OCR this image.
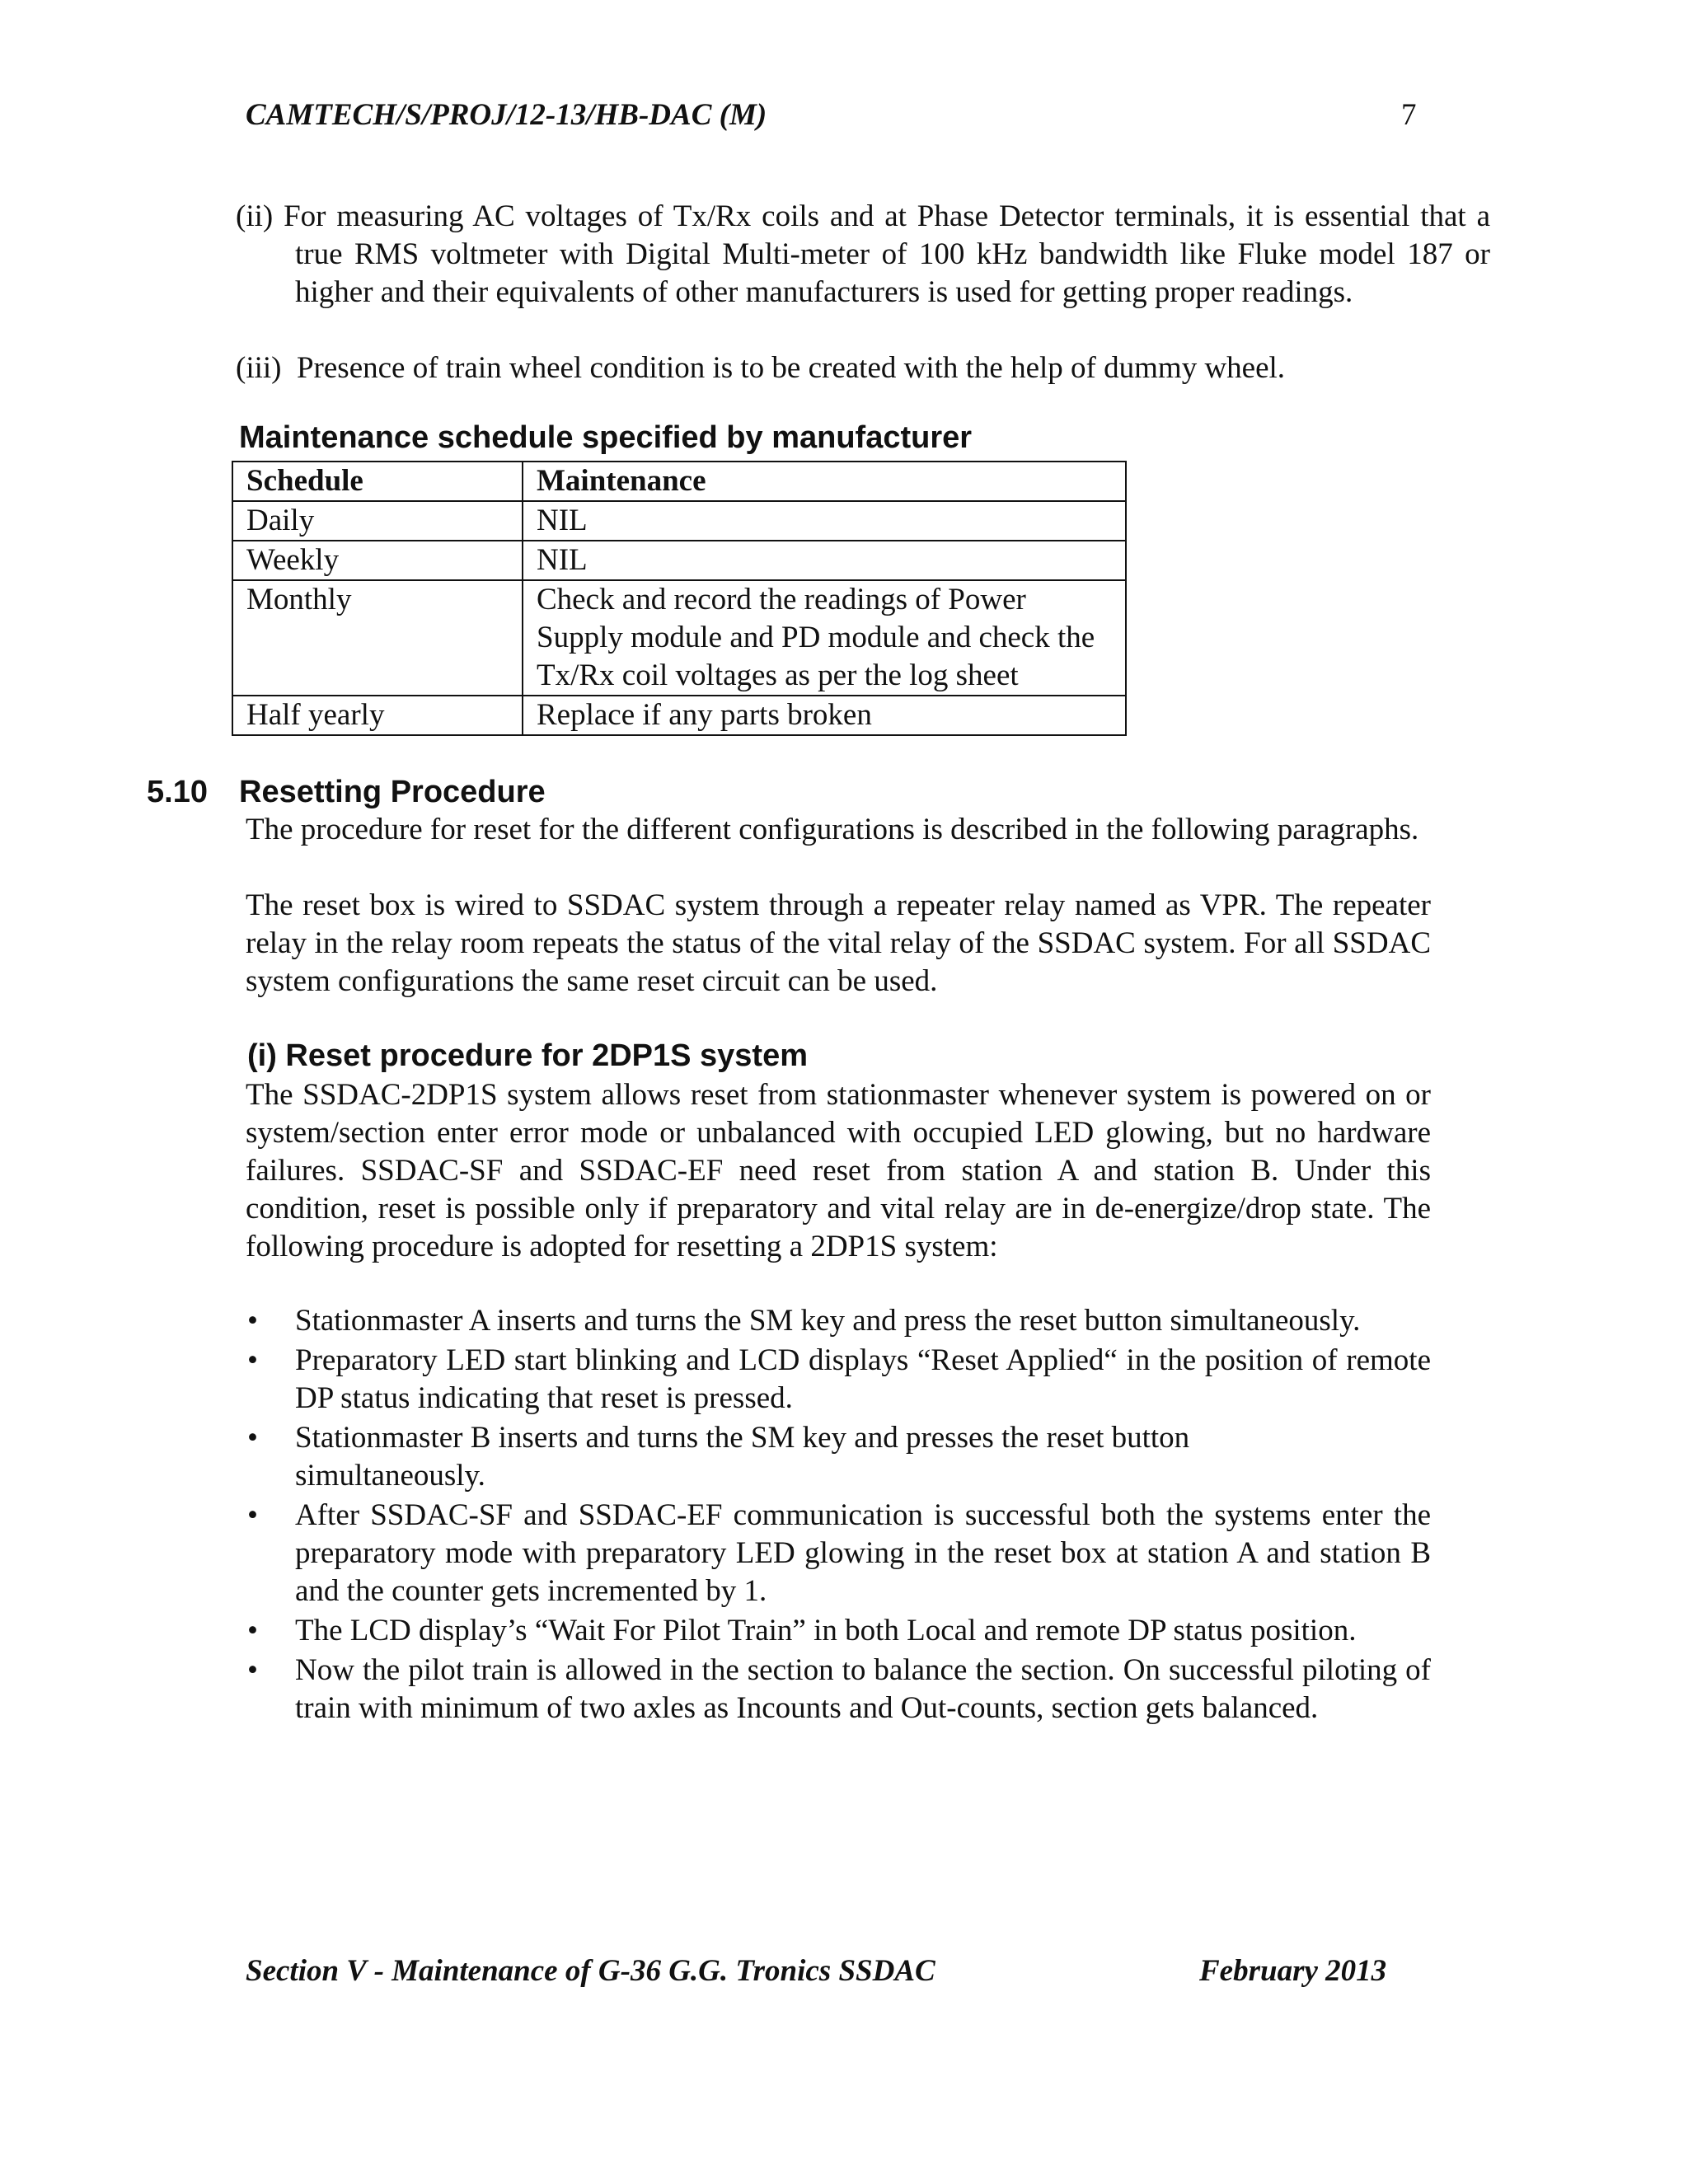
CAMTECH/S/PROJ/12-13/HB-DAC (M)	7
(ii) For measuring AC voltages of Tx/Rx coils and at Phase Detector terminals, it is essential that a true RMS voltmeter with Digital Multi-meter of 100 kHz bandwidth like Fluke model 187 or higher and their equivalents of other manufacturers is used for getting proper readings.
(iii) Presence of train wheel condition is to be created with the help of dummy wheel.
Maintenance schedule specified by manufacturer
Schedule	Maintenance
Daily	NIL
Weekly	NIL
Monthly	Check and record the readings of Power Supply module and PD module and check the Tx/Rx coil voltages as per the log sheet
Half yearly	Replace if any parts broken
5.10 Resetting Procedure
The procedure for reset for the different configurations is described in the following paragraphs.
The reset box is wired to SSDAC system through a repeater relay named as VPR. The repeater relay in the relay room repeats the status of the vital relay of the SSDAC system. For all SSDAC system configurations the same reset circuit can be used.
(i) Reset procedure for 2DP1S system
The SSDAC-2DP1S system allows reset from stationmaster whenever system is powered on or system/section enter error mode or unbalanced with occupied LED glowing, but no hardware failures. SSDAC-SF and SSDAC-EF need reset from station A and station B. Under this condition, reset is possible only if preparatory and vital relay are in de-energize/drop state. The following procedure is adopted for resetting a 2DP1S system:
• Stationmaster A inserts and turns the SM key and press the reset button simultaneously.
• Preparatory LED start blinking and LCD displays “Reset Applied“ in the position of remote DP status indicating that reset is pressed.
• Stationmaster B inserts and turns the SM key and presses the reset button simultaneously.
• After SSDAC-SF and SSDAC-EF communication is successful both the systems enter the preparatory mode with preparatory LED glowing in the reset box at station A and station B and the counter gets incremented by 1.
• The LCD display’s “Wait For Pilot Train” in both Local and remote DP status position.
• Now the pilot train is allowed in the section to balance the section. On successful piloting of train with minimum of two axles as Incounts and Out-counts, section gets balanced.
Section V - Maintenance of G-36 G.G. Tronics SSDAC	February 2013
